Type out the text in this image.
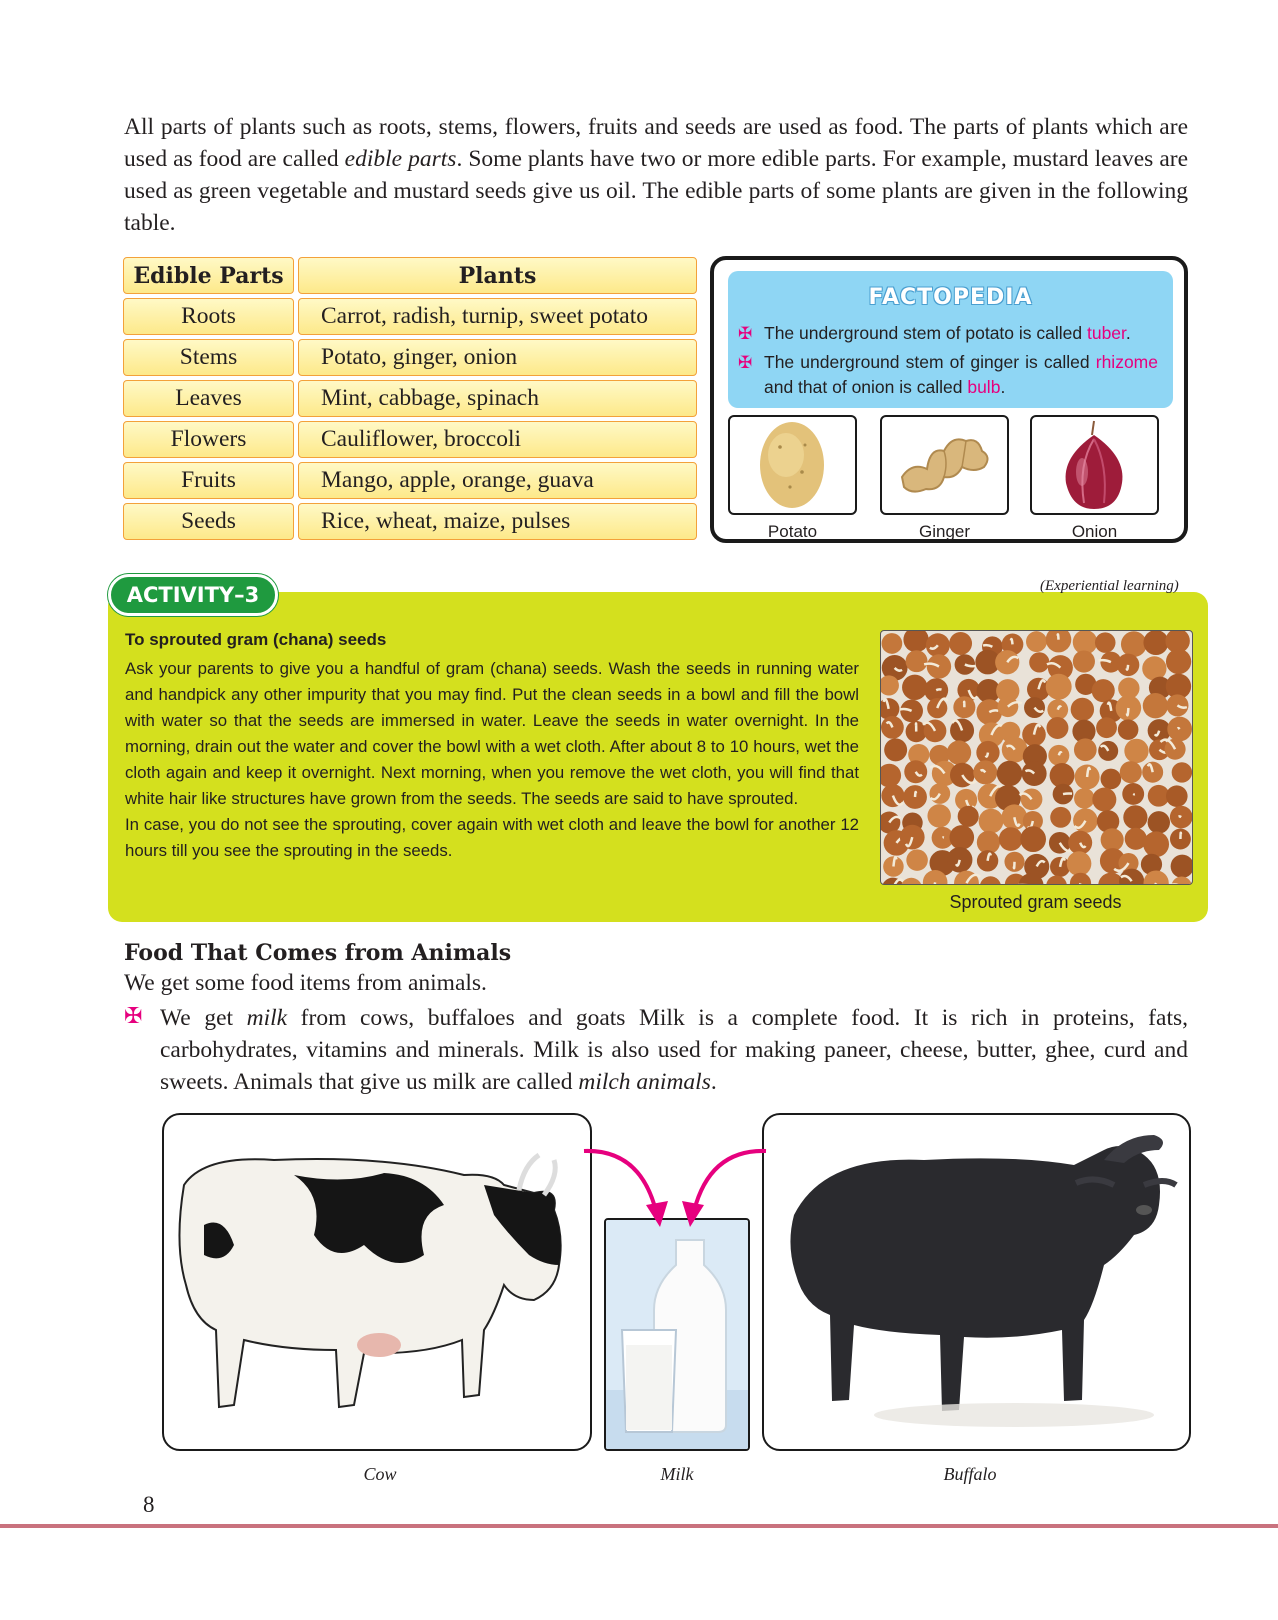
All parts of plants such as roots, stems, flowers, fruits and seeds are used as food. The parts of plants which are used as food are called edible parts. Some plants have two or more edible parts. For example, mustard leaves are used as green vegetable and mustard seeds give us oil. The edible parts of some plants are given in the following table.
Edible Parts	Plants
Roots	Carrot, radish, turnip, sweet potato
Stems	Potato, ginger, onion
Leaves	Mint, cabbage, spinach
Flowers	Cauliflower, broccoli
Fruits	Mango, apple, orange, guava
Seeds	Rice, wheat, maize, pulses
FACTOPEDIA
✠ The underground stem of potato is called tuber.
✠ The underground stem of ginger is called rhizome and that of onion is called bulb.
Potato	Ginger	Onion
ACTIVITY–3	(Experiential learning)
To sprouted gram (chana) seeds

Ask your parents to give you a handful of gram (chana) seeds. Wash the seeds in running water and handpick any other impurity that you may find. Put the clean seeds in a bowl and fill the bowl with water so that the seeds are immersed in water. Leave the seeds in water overnight. In the morning, drain out the water and cover the bowl with a wet cloth. After about 8 to 10 hours, wet the cloth again and keep it overnight. Next morning, when you remove the wet cloth, you will find that white hair like structures have grown from the seeds. The seeds are said to have sprouted.

In case, you do not see the sprouting, cover again with wet cloth and leave the bowl for another 12 hours till you see the sprouting in the seeds.

Sprouted gram seeds
Food That Comes from Animals
We get some food items from animals.
✠ We get milk from cows, buffaloes and goats Milk is a complete food. It is rich in proteins, fats, carbohydrates, vitamins and minerals. Milk is also used for making paneer, cheese, butter, ghee, curd and sweets. Animals that give us milk are called milch animals.
Cow	Milk	Buffalo
8
